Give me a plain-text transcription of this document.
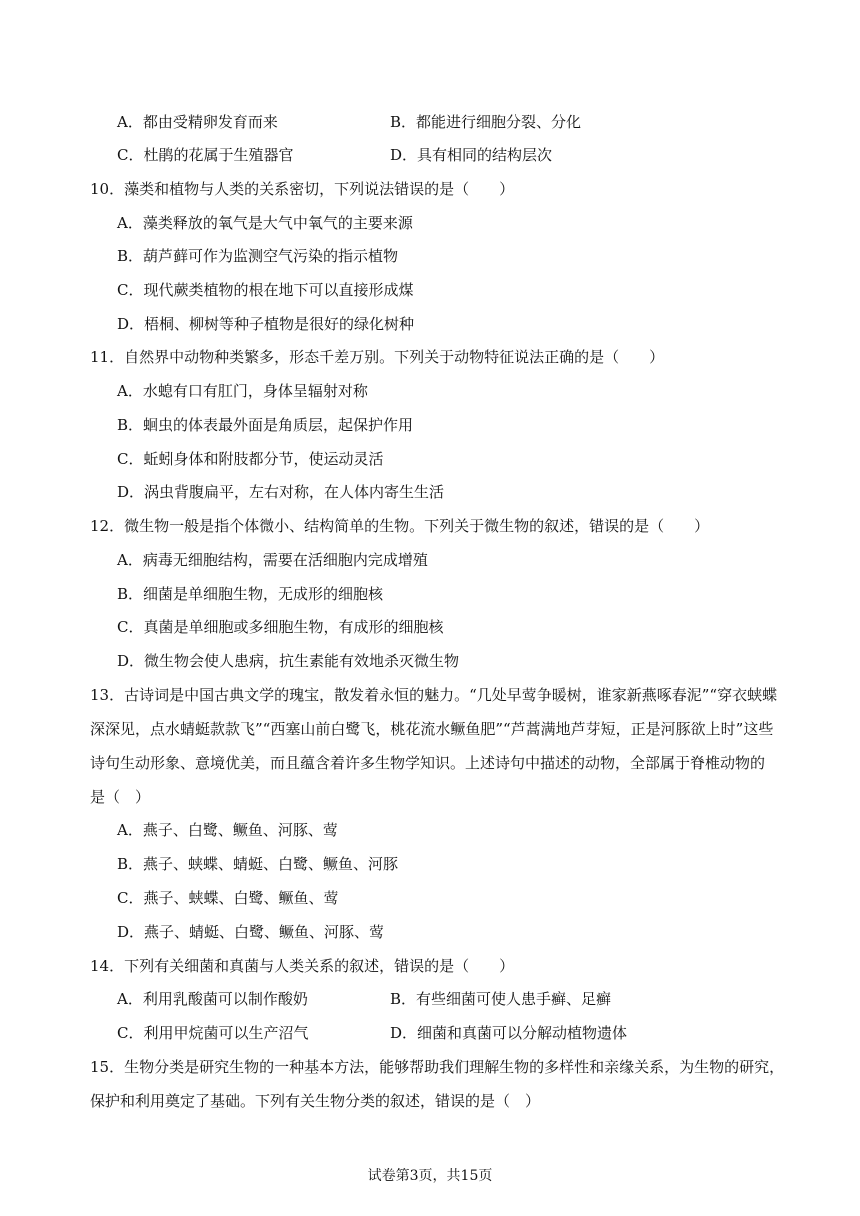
A．都由受精卵发育而来	B．都能进行细胞分裂、分化
C．杜鹃的花属于生殖器官	D．具有相同的结构层次
10．藻类和植物与人类的关系密切，下列说法错误的是（　　）
A．藻类释放的氧气是大气中氧气的主要来源
B．葫芦藓可作为监测空气污染的指示植物
C．现代蕨类植物的根在地下可以直接形成煤
D．梧桐、柳树等种子植物是很好的绿化树种
11．自然界中动物种类繁多，形态千差万别。下列关于动物特征说法正确的是（　　）
A．水螅有口有肛门，身体呈辐射对称
B．蛔虫的体表最外面是角质层，起保护作用
C．蚯蚓身体和附肢都分节，使运动灵活
D．涡虫背腹扁平，左右对称，在人体内寄生生活
12．微生物一般是指个体微小、结构简单的生物。下列关于微生物的叙述，错误的是（　　）
A．病毒无细胞结构，需要在活细胞内完成增殖
B．细菌是单细胞生物，无成形的细胞核
C．真菌是单细胞或多细胞生物，有成形的细胞核
D．微生物会使人患病，抗生素能有效地杀灭微生物
13．古诗词是中国古典文学的瑰宝，散发着永恒的魅力。“几处早莺争暖树，谁家新燕啄春泥”“穿衣蛱蝶
深深见，点水蜻蜓款款飞”“西塞山前白鹭飞，桃花流水鳜鱼肥”“芦蒿满地芦芽短，正是河豚欲上时”这些
诗句生动形象、意境优美，而且蕴含着许多生物学知识。上述诗句中描述的动物，全部属于脊椎动物的
是（　）
A．燕子、白鹭、鳜鱼、河豚、莺
B．燕子、蛱蝶、蜻蜓、白鹭、鳜鱼、河豚
C．燕子、蛱蝶、白鹭、鳜鱼、莺
D．燕子、蜻蜓、白鹭、鳜鱼、河豚、莺
14．下列有关细菌和真菌与人类关系的叙述，错误的是（　　）
A．利用乳酸菌可以制作酸奶	B．有些细菌可使人患手癣、足癣
C．利用甲烷菌可以生产沼气	D．细菌和真菌可以分解动植物遗体
15．生物分类是研究生物的一种基本方法，能够帮助我们理解生物的多样性和亲缘关系，为生物的研究，
保护和利用奠定了基础。下列有关生物分类的叙述，错误的是（　）
试卷第3页，共15页
